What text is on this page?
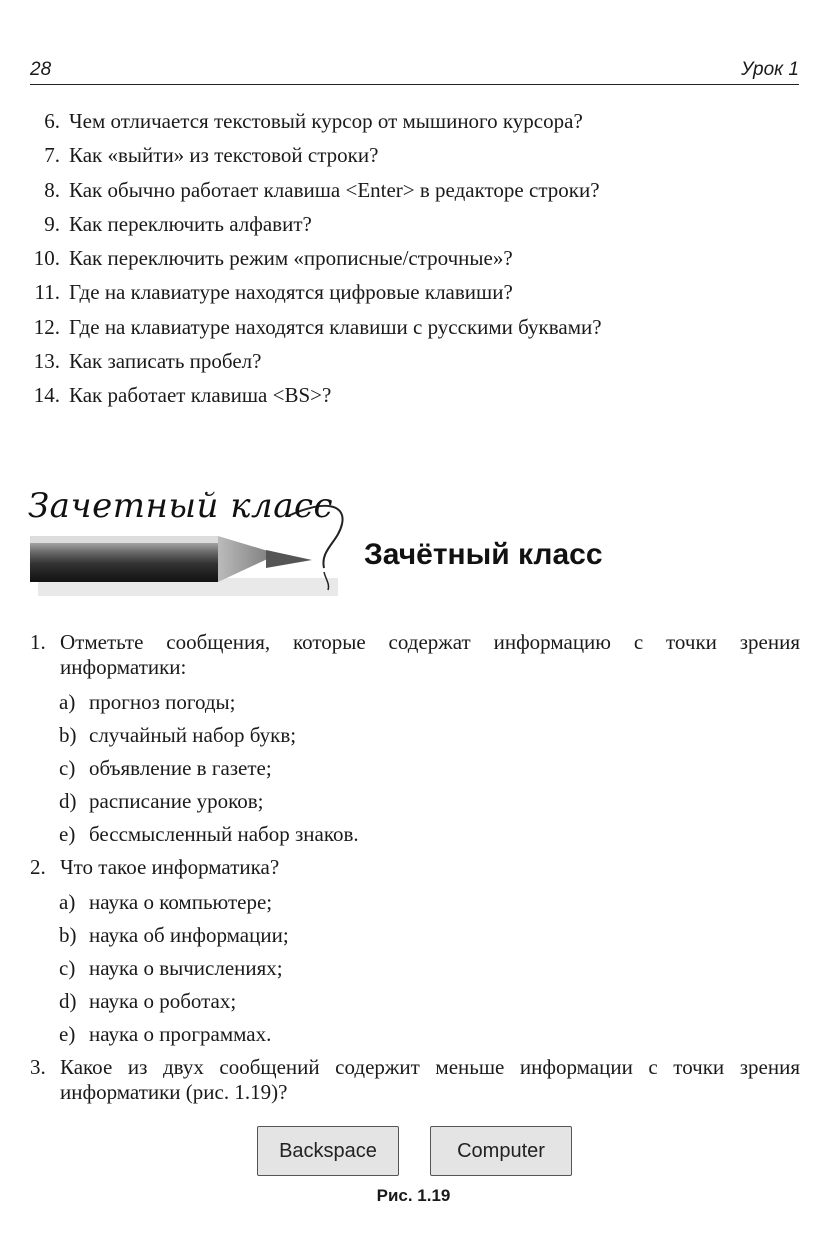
28	Урок 1
6. Чем отличается текстовый курсор от мышиного курсора?
7. Как «выйти» из текстовой строки?
8. Как обычно работает клавиша <Enter> в редакторе строки?
9. Как переключить алфавит?
10. Как переключить режим «прописные/строчные»?
11. Где на клавиатуре находятся цифровые клавиши?
12. Где на клавиатуре находятся клавиши с русскими буквами?
13. Как записать пробел?
14. Как работает клавиша <BS>?
Зачетный класс
Зачётный класс
1. Отметьте сообщения, которые содержат информацию с точки зрения
информатики:
a) прогноз погоды;
b) случайный набор букв;
c) объявление в газете;
d) расписание уроков;
e) бессмысленный набор знаков.
2. Что такое информатика?
a) наука о компьютере;
b) наука об информации;
c) наука о вычислениях;
d) наука о роботах;
e) наука о программах.
3. Какое из двух сообщений содержит меньше информации с точки зрения
информатики (рис. 1.19)?
Backspace	Computer
Рис. 1.19
